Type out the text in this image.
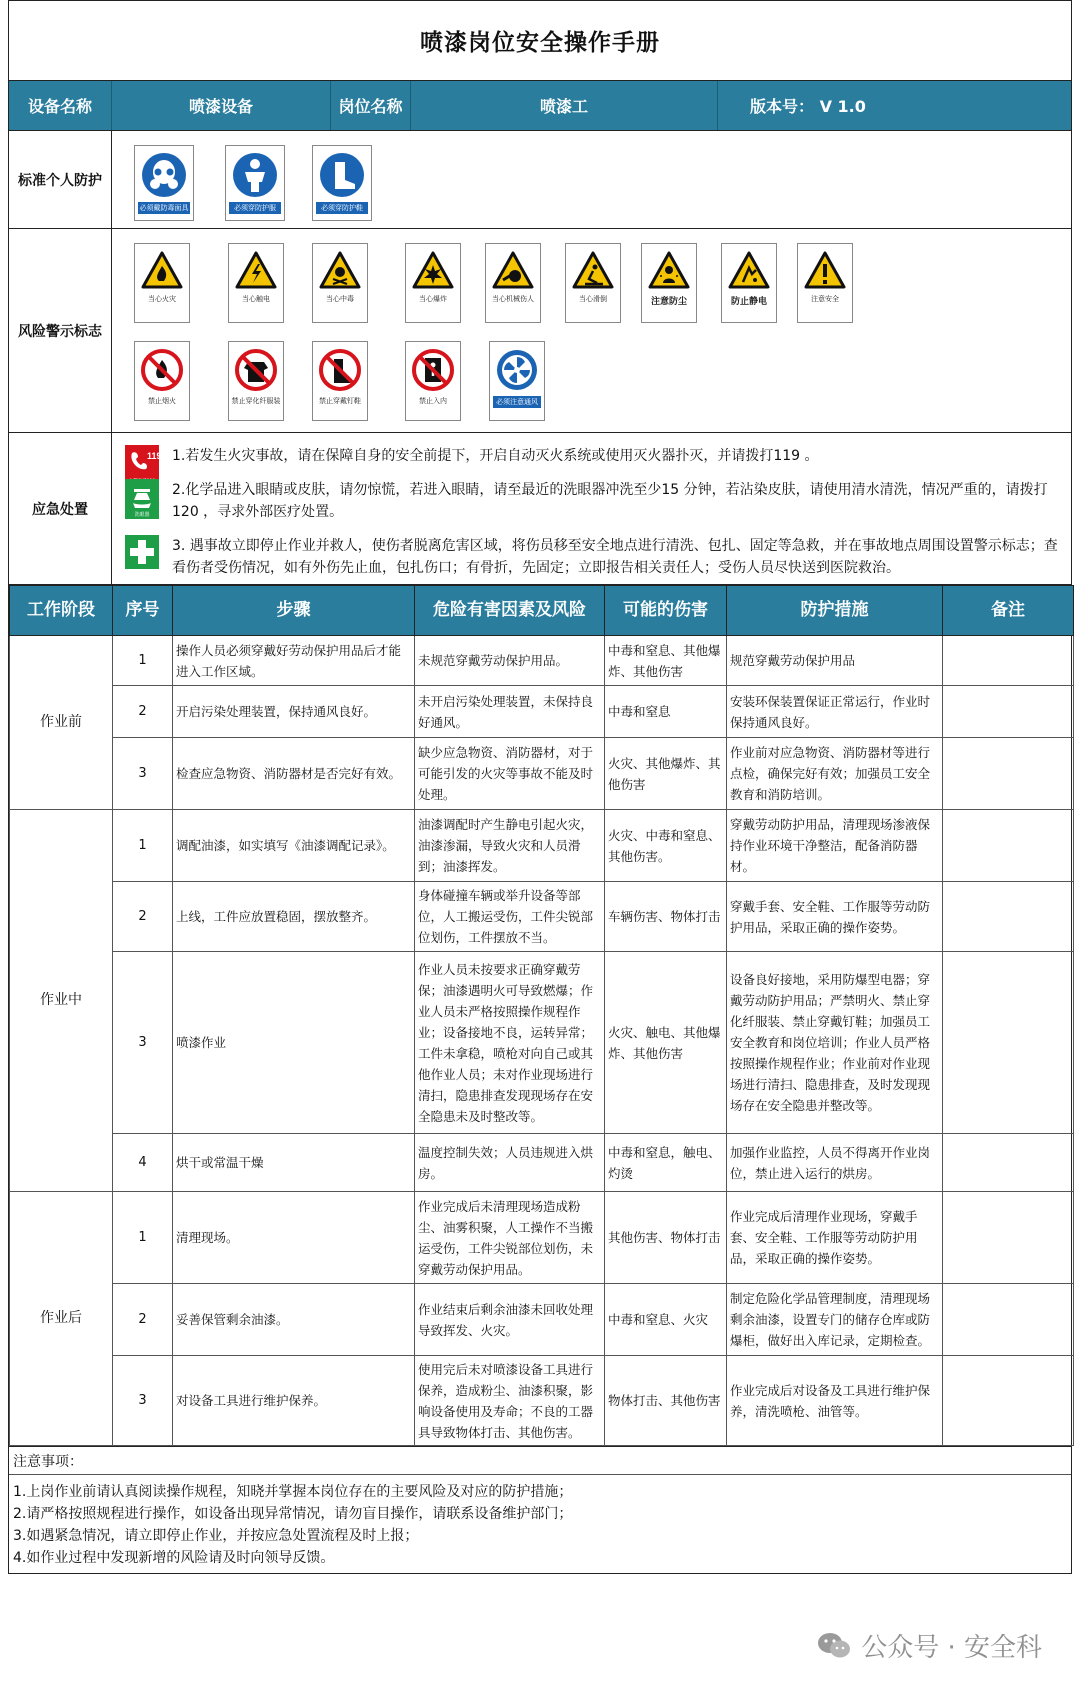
喷漆岗位安全操作手册
设备名称	喷漆设备	岗位名称	喷漆工	版本号： V 1.0
标准个人防护
必须戴防毒面具	必须穿防护服	必须穿防护鞋
风险警示标志
当心火灾	当心触电	当心中毒	当心爆炸	当心机械伤人	当心滑倒	注意防尘	防止静电	注意安全
禁止烟火	禁止穿化纤服装	禁止穿戴钉鞋	禁止入内	必须注意通风
应急处置
119 1.若发生火灾事故，请在保障自身的安全前提下，开启自动灭火系统或使用灭火器扑灭，并请拨打119 。
洗眼器
2.化学品进入眼睛或皮肤，请勿惊慌，若进入眼睛，请至最近的洗眼器冲洗至少15 分钟，若沾染皮肤，请使用清水清洗，情况严重的，请拨打 120 ，寻求外部医疗处置。
3. 遇事故立即停止作业并救人，使伤者脱离危害区域，将伤员移至安全地点进行清洗、包扎、固定等急救，并在事故地点周围设置警示标志；查看伤者受伤情况，如有外伤先止血，包扎伤口；有骨折，先固定；立即报告相关责任人；受伤人员尽快送到医院救治。
工作阶段	序号	步骤	危险有害因素及风险	可能的伤害	防护措施	备注
作业前	1	操作人员必须穿戴好劳动保护用品后才能进入工作区域。	未规范穿戴劳动保护用品。	中毒和窒息、其他爆炸、其他伤害	规范穿戴劳动保护用品	
	2	开启污染处理装置，保持通风良好。	未开启污染处理装置，未保持良好通风。	中毒和窒息	安装环保装置保证正常运行，作业时保持通风良好。	
	3	检查应急物资、消防器材是否完好有效。	缺少应急物资、消防器材，对于可能引发的火灾等事故不能及时处理。	火灾、其他爆炸、其他伤害	作业前对应急物资、消防器材等进行点检，确保完好有效；加强员工安全教育和消防培训。	
作业中	1	调配油漆，如实填写《油漆调配记录》。	油漆调配时产生静电引起火灾，油漆渗漏，导致火灾和人员滑到；油漆挥发。	火灾、中毒和窒息、其他伤害。	穿戴劳动防护用品，清理现场渗液保持作业环境干净整洁，配备消防器材。	
	2	上线，工件应放置稳固，摆放整齐。	身体碰撞车辆或举升设备等部位，人工搬运受伤，工件尖锐部位划伤，工件摆放不当。	车辆伤害、物体打击	穿戴手套、安全鞋、工作服等劳动防护用品，采取正确的操作姿势。	
	3	喷漆作业	作业人员未按要求正确穿戴劳保；油漆遇明火可导致燃爆；作业人员未严格按照操作规程作业；设备接地不良，运转异常；工件未拿稳，喷枪对向自己或其他作业人员；未对作业现场进行清扫，隐患排查发现现场存在安全隐患未及时整改等。	火灾、触电、其他爆炸、其他伤害	设备良好接地，采用防爆型电器；穿戴劳动防护用品；严禁明火、禁止穿化纤服装、禁止穿戴钉鞋；加强员工安全教育和岗位培训；作业人员严格按照操作规程作业；作业前对作业现场进行清扫、隐患排查，及时发现现场存在安全隐患并整改等。	
	4	烘干或常温干燥	温度控制失效；人员违规进入烘房。	中毒和窒息，触电、灼烫	加强作业监控，人员不得离开作业岗位，禁止进入运行的烘房。	
作业后	1	清理现场。	作业完成后未清理现场造成粉尘、油雾积聚，人工操作不当搬运受伤，工件尖锐部位划伤，未穿戴劳动保护用品。	其他伤害、物体打击	作业完成后清理作业现场，穿戴手套、安全鞋、工作服等劳动防护用品，采取正确的操作姿势。	
	2	妥善保管剩余油漆。	作业结束后剩余油漆未回收处理导致挥发、火灾。	中毒和窒息、火灾	制定危险化学品管理制度，清理现场剩余油漆，设置专门的储存仓库或防爆柜，做好出入库记录，定期检查。	
	3	对设备工具进行维护保养。	使用完后未对喷漆设备工具进行保养，造成粉尘、油漆积聚，影响设备使用及寿命；不良的工器具导致物体打击、其他伤害。	物体打击、其他伤害	作业完成后对设备及工具进行维护保养，清洗喷枪、油管等。	
注意事项：
1.上岗作业前请认真阅读操作规程，知晓并掌握本岗位存在的主要风险及对应的防护措施；
2.请严格按照规程进行操作，如设备出现异常情况，请勿盲目操作，请联系设备维护部门；
3.如遇紧急情况，请立即停止作业，并按应急处置流程及时上报；
4.如作业过程中发现新增的风险请及时向领导反馈。
公众号 · 安全科
